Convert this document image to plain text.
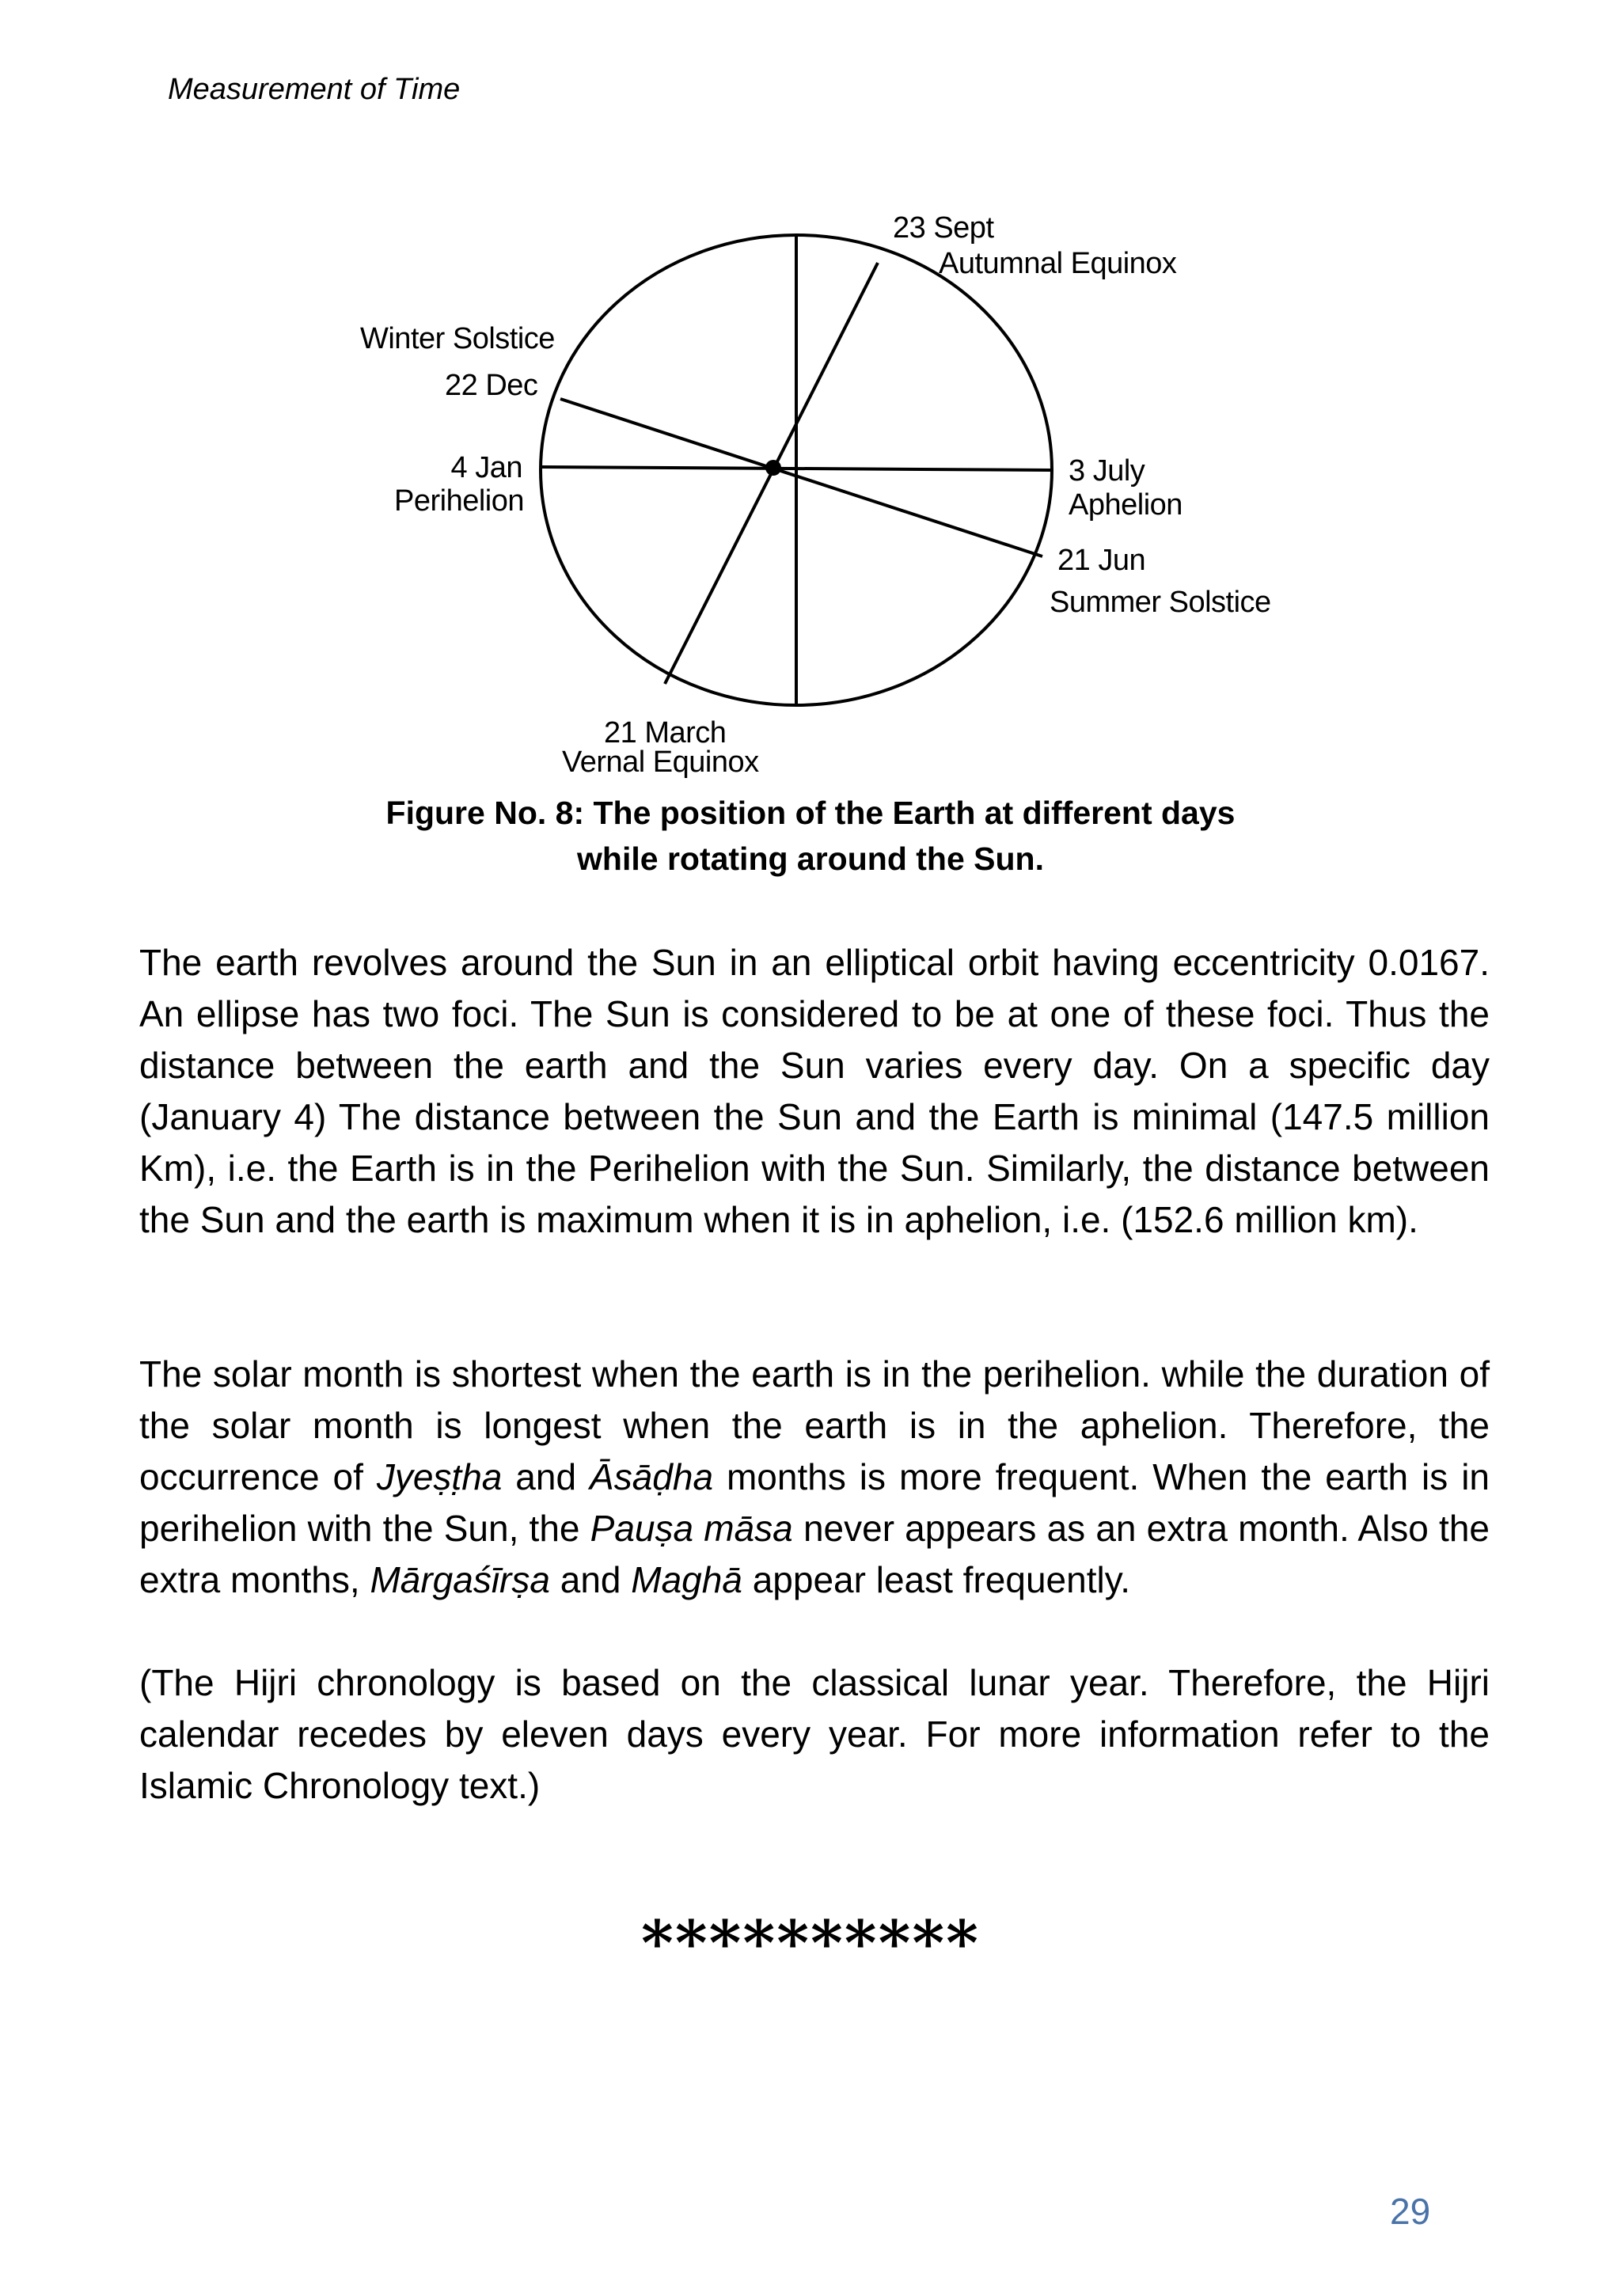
Measurement of Time
23 Sept
Autumnal Equinox
Winter Solstice
22 Dec
4 Jan
Perihelion
3 July
Aphelion
21 Jun
Summer Solstice
21 March
Vernal Equinox
Figure No. 8: The position of the Earth at different days
while rotating around the Sun.

The earth revolves around the Sun in an elliptical orbit having eccentricity 0.0167. An ellipse has two foci. The Sun is considered to be at one of these foci. Thus the distance between the earth and the Sun varies every day. On a specific day (January 4) The distance between the Sun and the Earth is minimal (147.5 million Km), i.e. the Earth is in the Perihelion with the Sun. Similarly, the distance between the Sun and the earth is maximum when it is in aphelion, i.e. (152.6 million km).

The solar month is shortest when the earth is in the perihelion. while the duration of the solar month is longest when the earth is in the aphelion. Therefore, the occurrence of Jyeṣṭha and Āsāḍha months is more frequent. When the earth is in perihelion with the Sun, the Pauṣa māsa never appears as an extra month. Also the extra months, Mārgaśīrṣa and Maghā appear least frequently.

(The Hijri chronology is based on the classical lunar year. Therefore, the Hijri calendar recedes by eleven days every year. For more information refer to the Islamic Chronology text.)

**********
29
